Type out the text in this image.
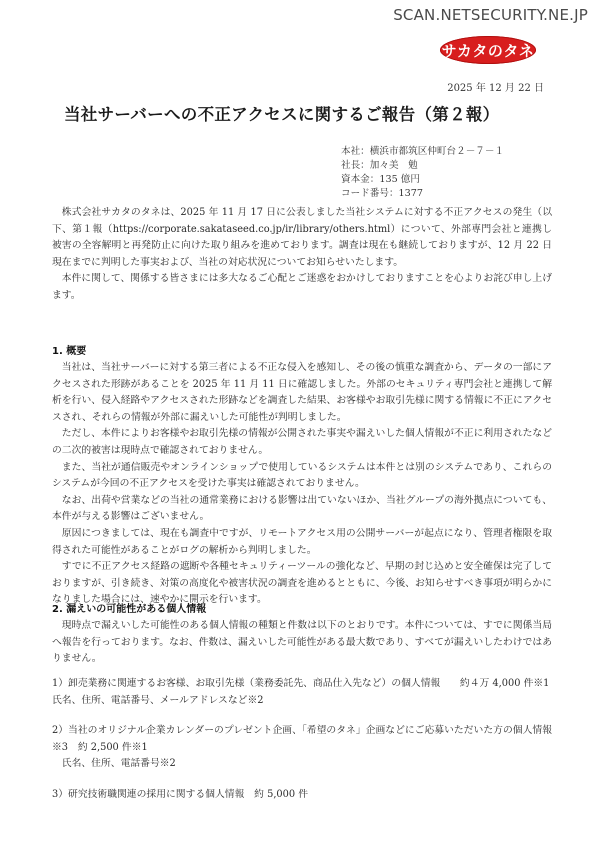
SCAN.NETSECURITY.NE.JP
サカタのタネ
2025 年 12 月 22 日
当社サーバーへの不正アクセスに関するご報告（第２報）
本社：横浜市都筑区仲町台２－７－１
社長：加々美　勉
資本金：135 億円
コード番号：1377

株式会社サカタのタネは、2025 年 11 月 17 日に公表しました当社システムに対する不正アクセスの発生（以下、第１報（https://corporate.sakataseed.co.jp/ir/library/others.html）について、外部専門会社と連携し被害の全容解明と再発防止に向けた取り組みを進めております。調査は現在も継続しておりますが、12 月 22 日現在までに判明した事実および、当社の対応状況についてお知らせいたします。

本件に関して、関係する皆さまには多大なるご心配とご迷惑をおかけしておりますことを心よりお詫び申し上げます。

1. 概要

当社は、当社サーバーに対する第三者による不正な侵入を感知し、その後の慎重な調査から、データの一部にアクセスされた形跡があることを 2025 年 11 月 11 日に確認しました。外部のセキュリティ専門会社と連携して解析を行い、侵入経路やアクセスされた形跡などを調査した結果、お客様やお取引先様に関する情報に不正にアクセスされ、それらの情報が外部に漏えいした可能性が判明しました。

ただし、本件によりお客様やお取引先様の情報が公開された事実や漏えいした個人情報が不正に利用されたなどの二次的被害は現時点で確認されておりません。

また、当社が通信販売やオンラインショップで使用しているシステムは本件とは別のシステムであり、これらのシステムが今回の不正アクセスを受けた事実は確認されておりません。

なお、出荷や営業などの当社の通常業務における影響は出ていないほか、当社グループの海外拠点についても、本件が与える影響はございません。

原因につきましては、現在も調査中ですが、リモートアクセス用の公開サーバーが起点になり、管理者権限を取得された可能性があることがログの解析から判明しました。

すでに不正アクセス経路の遮断や各種セキュリティーツールの強化など、早期の封じ込めと安全確保は完了しておりますが、引き続き、対策の高度化や被害状況の調査を進めるとともに、今後、お知らせすべき事項が明らかになりました場合には、速やかに開示を行います。

2. 漏えいの可能性がある個人情報

現時点で漏えいした可能性のある個人情報の種類と件数は以下のとおりです。本件については、すでに関係当局へ報告を行っております。なお、件数は、漏えいした可能性がある最大数であり、すべてが漏えいしたわけではありません。

1）卸売業務に関連するお客様、お取引先様（業務委託先、商品仕入先など）の個人情報　　約４万 4,000 件※1

氏名、住所、電話番号、メールアドレスなど※2

2）当社のオリジナル企業カレンダーのプレゼント企画、「希望のタネ」企画などにご応募いただいた方の個人情報※3　約 2,500 件※1

氏名、住所、電話番号※2

3）研究技術職関連の採用に関する個人情報　約 5,000 件
